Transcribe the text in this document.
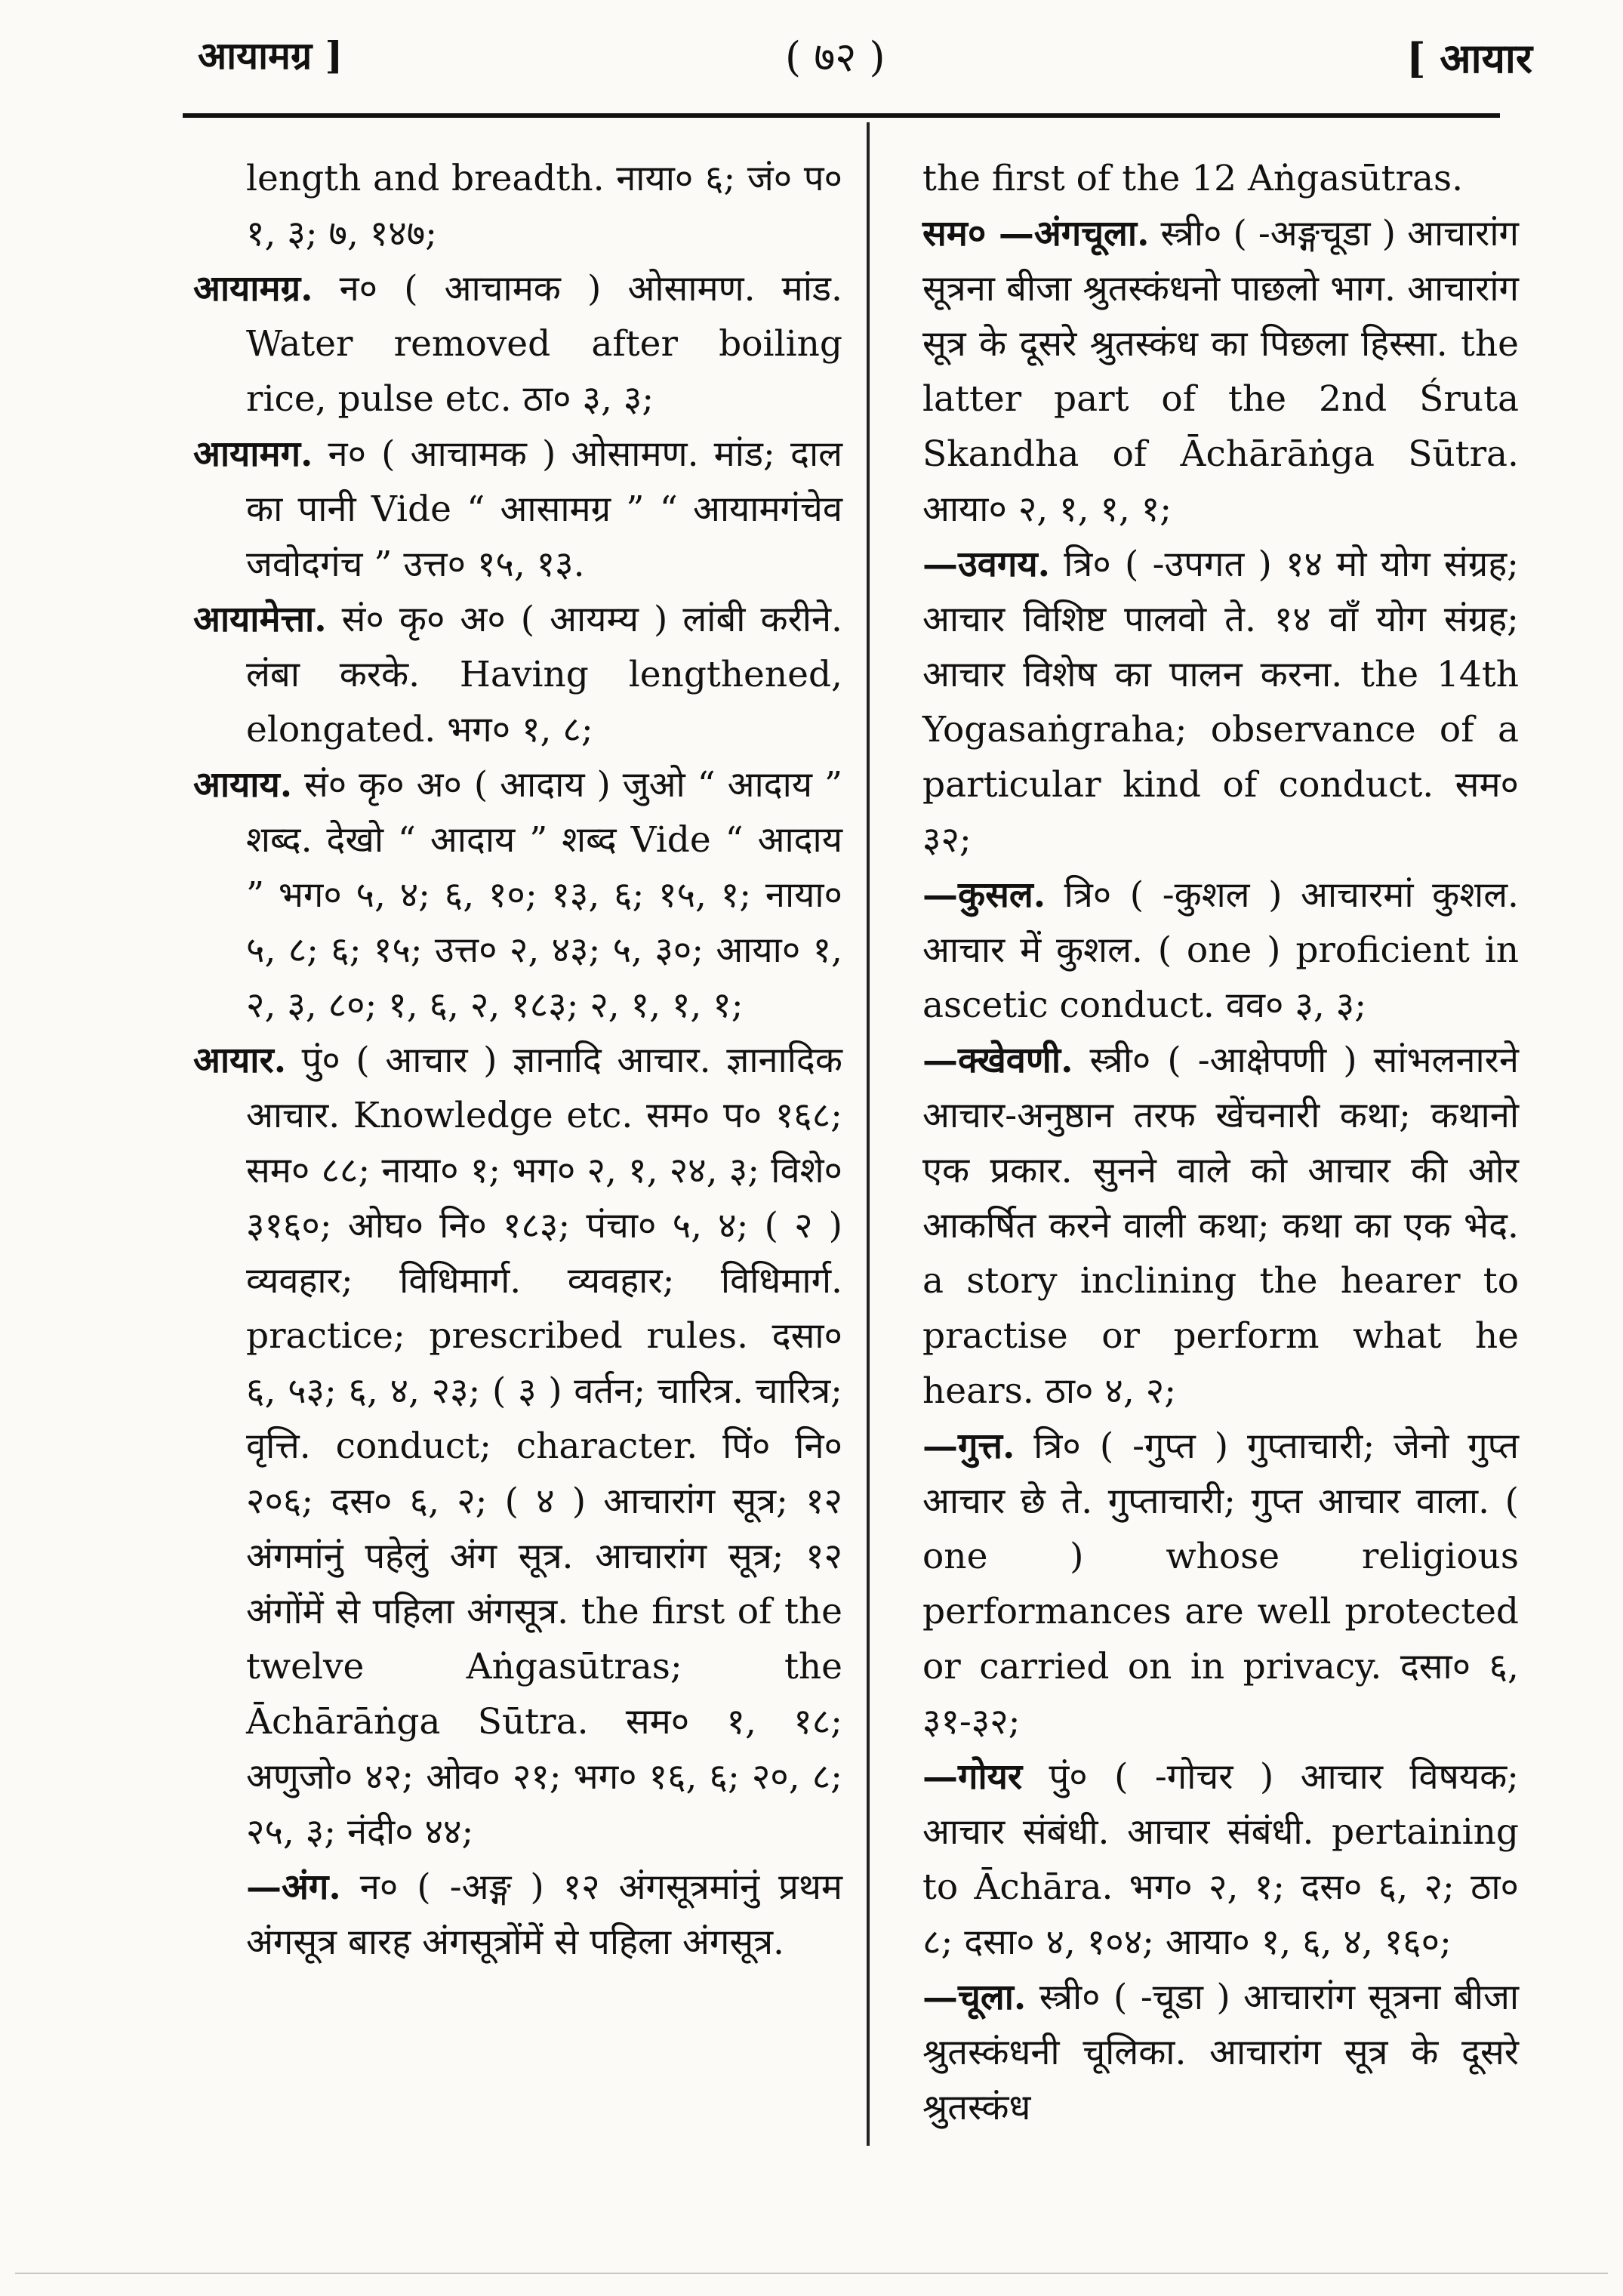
आयामग्र ]	( ७२ )	[ आयार

length and breadth. नाया० ६; जं० प० १, ३; ७, १४७;

आयामग्र. न० ( आचामक ) ओसामण. मांड. Water removed after boiling rice, pulse etc. ठा० ३, ३;

आयामग. न० ( आचामक ) ओसामण. मांड; दाल का पानी Vide “ आसामग्र ” “ आयामगंचेव जवोदगंच ” उत्त० १५, १३.

आयामेत्ता. सं० कृ० अ० ( आयम्य ) लांबी करीने. लंबा करके. Having lengthened, elongated. भग० १, ८;

आयाय. सं० कृ० अ० ( आदाय ) जुओ “ आदाय ” शब्द. देखो “ आदाय ” शब्द Vide “ आदाय ” भग० ५, ४; ६, १०; १३, ६; १५, १; नाया० ५, ८; ६; १५; उत्त० २, ४३; ५, ३०; आया० १, २, ३, ८०; १, ६, २, १८३; २, १, १, १;

आयार. पुं० ( आचार ) ज्ञानादि आचार. ज्ञानादिक आचार. Knowledge etc. सम० प० १६८; सम० ८८; नाया० १; भग० २, १, २४, ३; विशे० ३१६०; ओघ० नि० १८३; पंचा० ५, ४; ( २ ) व्यवहार; विधिमार्ग. व्यवहार; विधिमार्ग. practice; prescribed rules. दसा० ६, ५३; ६, ४, २३; ( ३ ) वर्तन; चारित्र. चारित्र; वृत्ति. conduct; character. पिं० नि० २०६; दस० ६, २; ( ४ ) आचारांग सूत्र; १२ अंगमांनुं पहेलुं अंग सूत्र. आचारांग सूत्र; १२ अंगोंमें से पहिला अंगसूत्र. the first of the twelve Aṅgasūtras; the Āchārāṅga Sūtra. सम० १, १८; अणुजो० ४२; ओव० २१; भग० १६, ६; २०, ८; २५, ३; नंदी० ४४;

—अंग. न० ( -अङ्ग ) १२ अंगसूत्रमांनुं प्रथम अंगसूत्र बारह अंगसूत्रोंमें से पहिला अंगसूत्र.

the first of the 12 Aṅgasūtras.

सम० —अंगचूला. स्त्री० ( -अङ्गचूडा ) आचारांग सूत्रना बीजा श्रुतस्कंधनो पाछलो भाग. आचारांग सूत्र के दूसरे श्रुतस्कंध का पिछला हिस्सा. the latter part of the 2nd Śruta Skandha of Āchārāṅga Sūtra. आया० २, १, १, १;

—उवगय. त्रि० ( -उपगत ) १४ मो योग संग्रह; आचार विशिष्ट पालवो ते. १४ वाँ योग संग्रह; आचार विशेष का पालन करना. the 14th Yogasaṅgraha; observance of a particular kind of conduct. सम० ३२;

—कुसल. त्रि० ( -कुशल ) आचारमां कुशल. आचार में कुशल. ( one ) proficient in ascetic conduct. वव० ३, ३;

—क्खेवणी. स्त्री० ( -आक्षेपणी ) सांभलनारने आचार-अनुष्ठान तरफ खेंचनारी कथा; कथानो एक प्रकार. सुनने वाले को आचार की ओर आकर्षित करने वाली कथा; कथा का एक भेद. a story inclining the hearer to practise or perform what he hears. ठा० ४, २;

—गुत्त. त्रि० ( -गुप्त ) गुप्ताचारी; जेनो गुप्त आचार छे ते. गुप्ताचारी; गुप्त आचार वाला. ( one ) whose religious performances are well protected or carried on in privacy. दसा० ६, ३१-३२;

—गोयर पुं० ( -गोचर ) आचार विषयक; आचार संबंधी. आचार संबंधी. pertaining to Āchāra. भग० २, १; दस० ६, २; ठा० ८; दसा० ४, १०४; आया० १, ६, ४, १६०;

—चूला. स्त्री० ( -चूडा ) आचारांग सूत्रना बीजा श्रुतस्कंधनी चूलिका. आचारांग सूत्र के दूसरे श्रुतस्कंध
